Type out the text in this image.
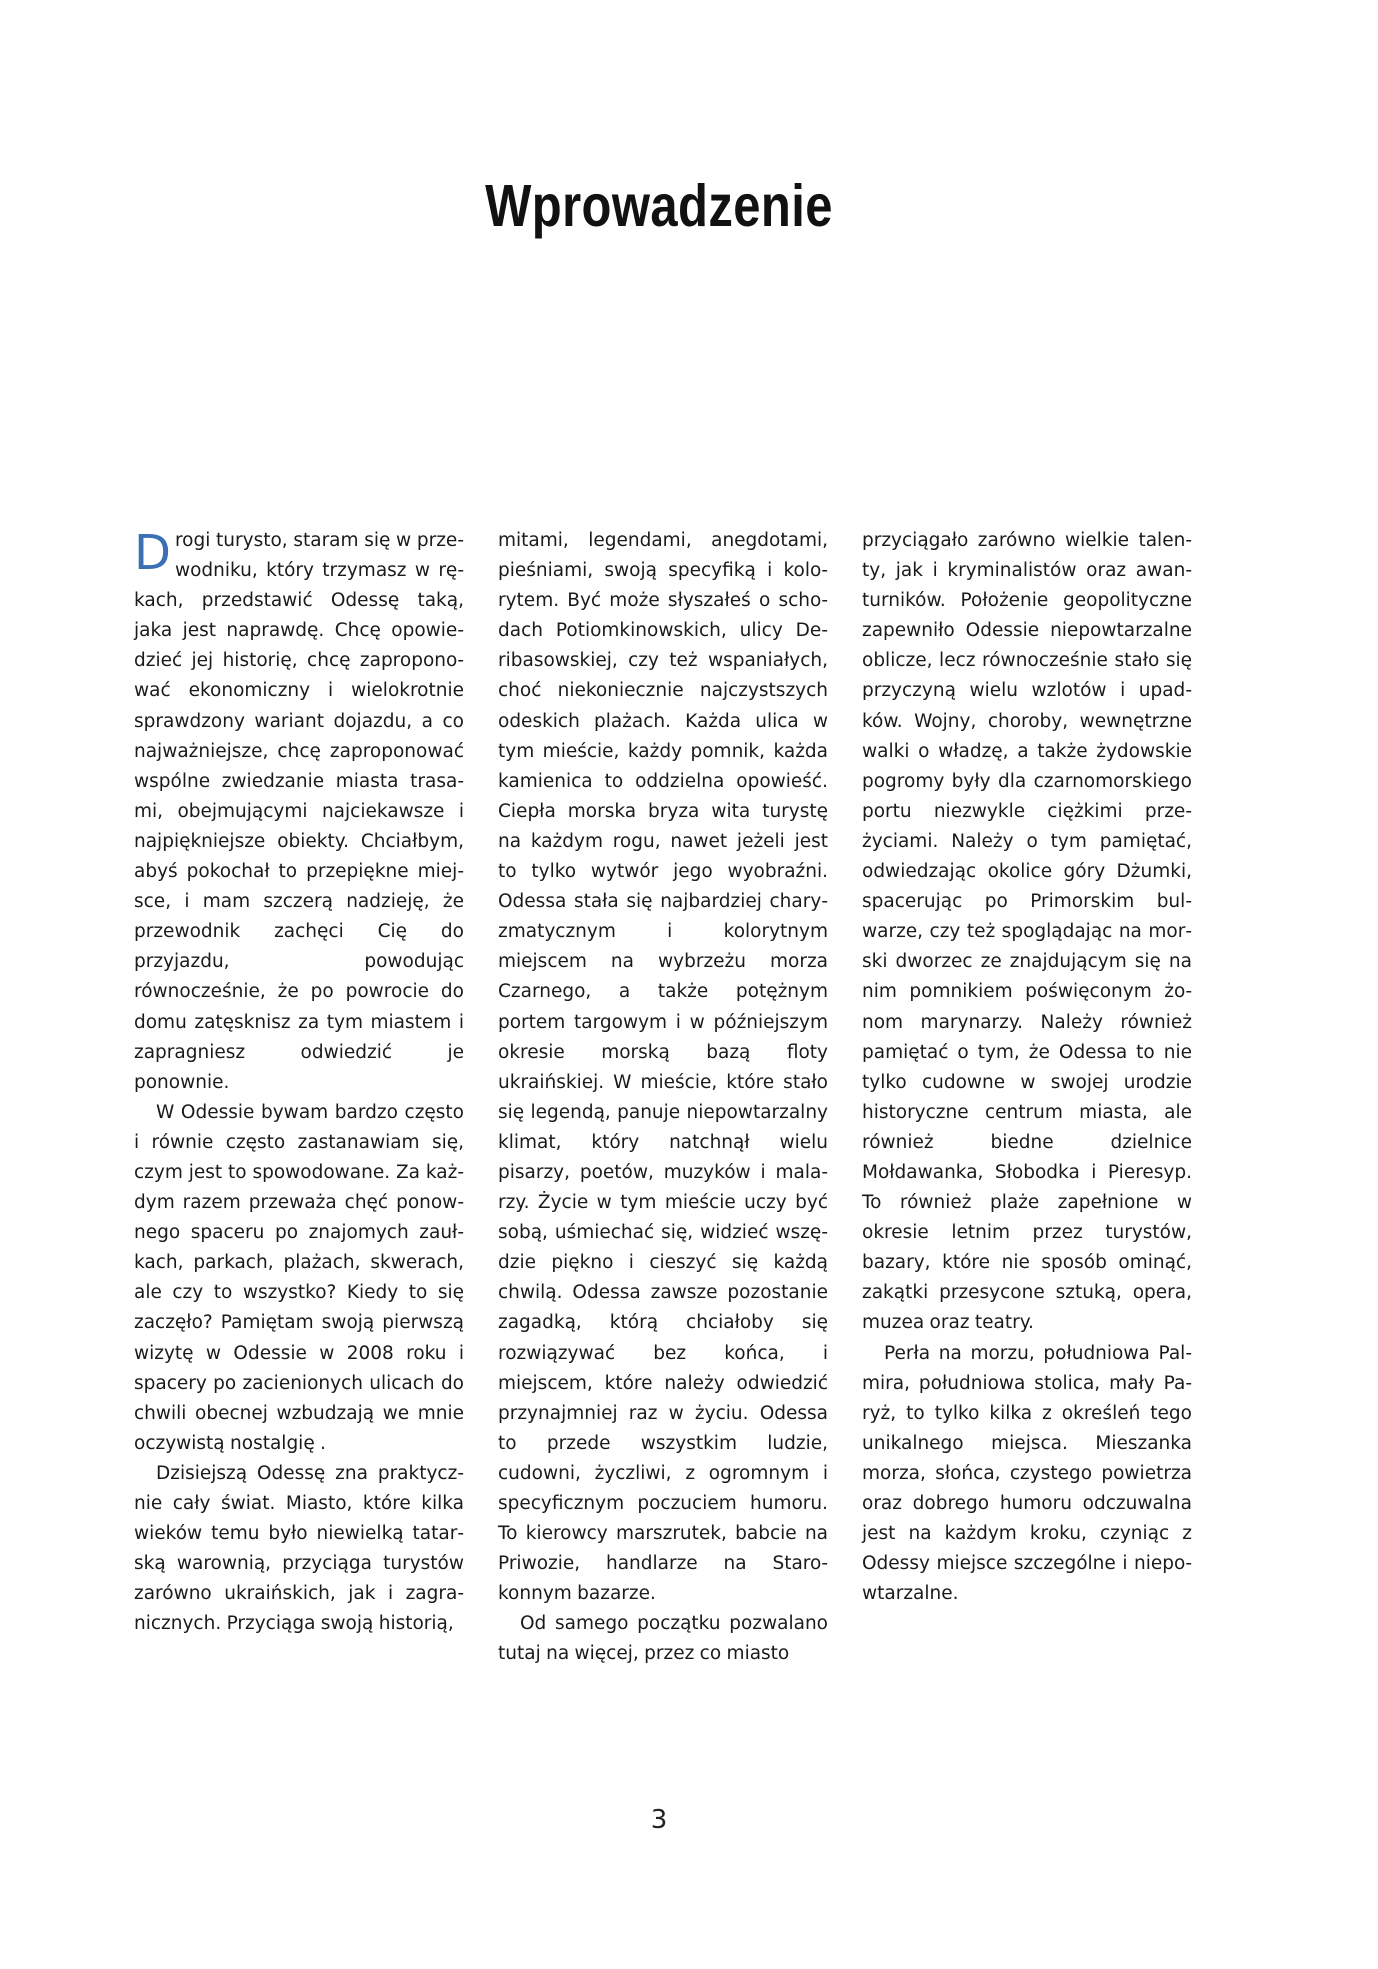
Wprowadzenie

Drogi turysto, staram się w przewodniku, który trzymasz w rękach, przedstawić Odessę taką, jaka jest naprawdę. Chcę opowiedzieć jej historię, chcę zaproponować ekonomiczny i wielokrotnie sprawdzony wariant dojazdu, a co najważniejsze, chcę zaproponować wspólne zwiedzanie miasta trasami, obejmującymi najciekawsze i najpiękniejsze obiekty. Chciałbym, abyś pokochał to przepiękne miejsce, i mam szczerą nadzieję, że przewodnik zachęci Cię do przyjazdu, powodując równocześnie, że po powrocie do domu zatęsknisz za tym miastem i zapragniesz odwiedzić je ponownie.

W Odessie bywam bardzo często i równie często zastanawiam się, czym jest to spowodowane. Za każdym razem przeważa chęć ponownego spaceru po znajomych zaułkach, parkach, plażach, skwerach, ale czy to wszystko? Kiedy to się zaczęło? Pamiętam swoją pierwszą wizytę w Odessie w 2008 roku i spacery po zacienionych ulicach do chwili obecnej wzbudzają we mnie oczywistą nostalgię .

Dzisiejszą Odessę zna praktycznie cały świat. Miasto, które kilka wieków temu było niewielką tatarską warownią, przyciąga turystów zarówno ukraińskich, jak i zagranicznych. Przyciąga swoją historią,

mitami, legendami, anegdotami, pieśniami, swoją specyfiką i kolorytem. Być może słyszałeś o schodach Potiomkinowskich, ulicy Deribasowskiej, czy też wspaniałych, choć niekoniecznie najczystszych odeskich plażach. Każda ulica w tym mieście, każdy pomnik, każda kamienica to oddzielna opowieść. Ciepła morska bryza wita turystę na każdym rogu, nawet jeżeli jest to tylko wytwór jego wyobraźni. Odessa stała się najbardziej charyzmatycznym i kolorytnym miejscem na wybrzeżu morza Czarnego, a także potężnym portem targowym i w późniejszym okresie morską bazą floty ukraińskiej. W mieście, które stało się legendą, panuje niepowtarzalny klimat, który natchnął wielu pisarzy, poetów, muzyków i malarzy. Życie w tym mieście uczy być sobą, uśmiechać się, widzieć wszędzie piękno i cieszyć się każdą chwilą. Odessa zawsze pozostanie zagadką, którą chciałoby się rozwiązywać bez końca, i miejscem, które należy odwiedzić przynajmniej raz w życiu. Odessa to przede wszystkim ludzie, cudowni, życzliwi, z ogromnym i specyficznym poczuciem humoru. To kierowcy marszrutek, babcie na Priwozie, handlarze na Starokonnym bazarze.

Od samego początku pozwalano tutaj na więcej, przez co miasto

przyciągało zarówno wielkie talenty, jak i kryminalistów oraz awanturników. Położenie geopolityczne zapewniło Odessie niepowtarzalne oblicze, lecz równocześnie stało się przyczyną wielu wzlotów i upadków. Wojny, choroby, wewnętrzne walki o władzę, a także żydowskie pogromy były dla czarnomorskiego portu niezwykle ciężkimi przeżyciami. Należy o tym pamiętać, odwiedzając okolice góry Dżumki, spacerując po Primorskim bulwarze, czy też spoglądając na morski dworzec ze znajdującym się na nim pomnikiem poświęconym żonom marynarzy. Należy również pamiętać o tym, że Odessa to nie tylko cudowne w swojej urodzie historyczne centrum miasta, ale również biedne dzielnice Mołdawanka, Słobodka i Pieresyp. To również plaże zapełnione w okresie letnim przez turystów, bazary, które nie sposób ominąć, zakątki przesycone sztuką, opera, muzea oraz teatry.

Perła na morzu, południowa Palmira, południowa stolica, mały Paryż, to tylko kilka z określeń tego unikalnego miejsca. Mieszanka morza, słońca, czystego powietrza oraz dobrego humoru odczuwalna jest na każdym kroku, czyniąc z Odessy miejsce szczególne i niepowtarzalne.

3
